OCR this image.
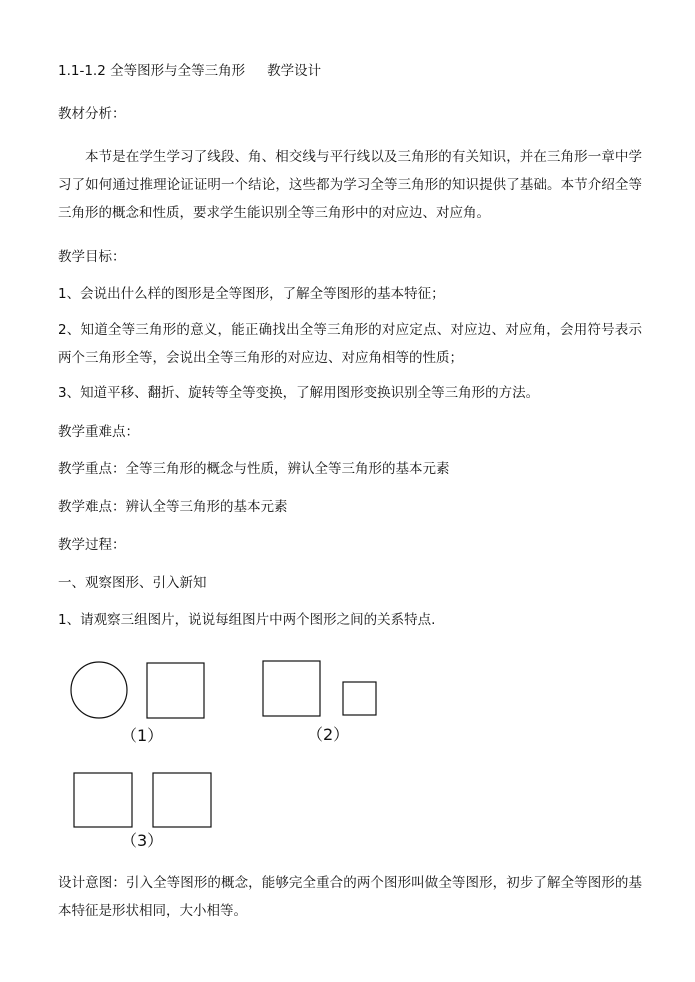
1.1-1.2 全等图形与全等三角形 教学设计

教材分析：

本节是在学生学习了线段、角、相交线与平行线以及三角形的有关知识，并在三角形一章中学习了如何通过推理论证证明一个结论，这些都为学习全等三角形的知识提供了基础。本节介绍全等三角形的概念和性质，要求学生能识别全等三角形中的对应边、对应角。

教学目标：

1、会说出什么样的图形是全等图形，了解全等图形的基本特征；

2、知道全等三角形的意义，能正确找出全等三角形的对应定点、对应边、对应角，会用符号表示两个三角形全等，会说出全等三角形的对应边、对应角相等的性质；

3、知道平移、翻折、旋转等全等变换，了解用图形变换识别全等三角形的方法。

教学重难点：

教学重点：全等三角形的概念与性质，辨认全等三角形的基本元素

教学难点：辨认全等三角形的基本元素

教学过程：

一、观察图形、引入新知

1、请观察三组图片，说说每组图片中两个图形之间的关系特点.

（1）	（2）
（3）

设计意图：引入全等图形的概念，能够完全重合的两个图形叫做全等图形，初步了解全等图形的基本特征是形状相同，大小相等。
